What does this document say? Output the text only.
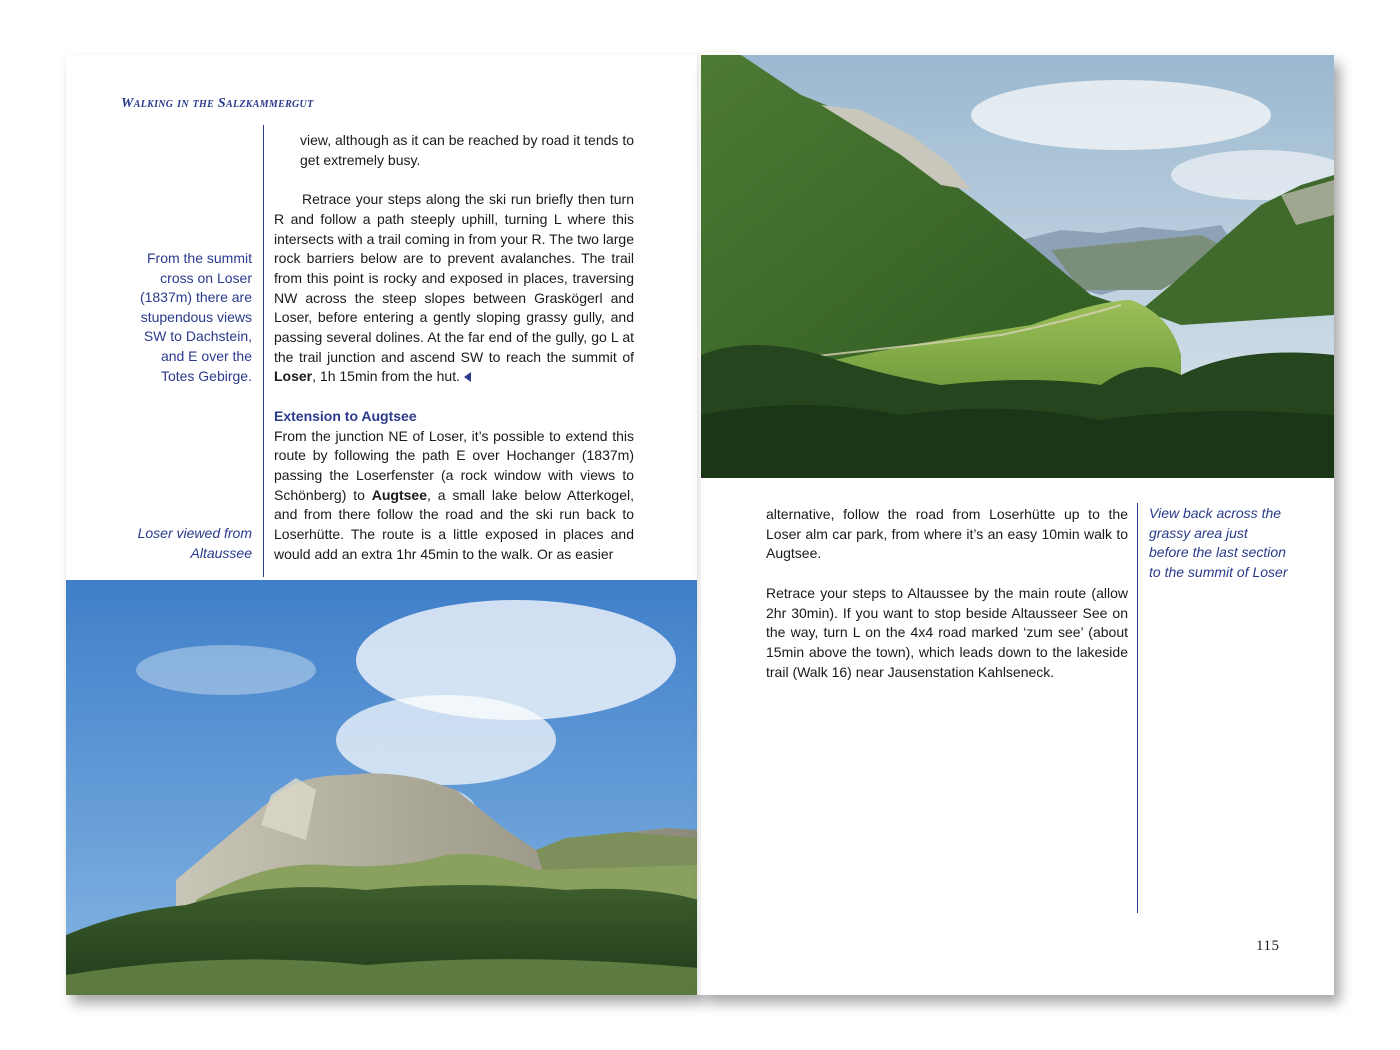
Walking in the Salzkammergut
From the summit cross on Loser (1837m) there are stupendous views SW to Dachstein, and E over the Totes Gebirge.
Loser viewed from Altaussee

view, although as it can be reached by road it tends to get extremely busy.

Retrace your steps along the ski run briefly then turn R and follow a path steeply uphill, turning L where this intersects with a trail coming in from your R. The two large rock barriers below are to prevent avalanches. The trail from this point is rocky and exposed in places, traversing NW across the steep slopes between Graskögerl and Loser, before entering a gently sloping grassy gully, and passing several dolines. At the far end of the gully, go L at the trail junction and ascend SW to reach the summit of Loser, 1h 15min from the hut.

Extension to Augtsee

From the junction NE of Loser, it’s possible to extend this route by following the path E over Hochanger (1837m) passing the Loserfenster (a rock window with views to Schönberg) to Augtsee, a small lake below Atterkogel, and from there follow the road and the ski run back to Loserhütte. The route is a little exposed in places and would add an extra 1hr 45min to the walk. Or as easier

alternative, follow the road from Loserhütte up to the Loser alm car park, from where it’s an easy 10min walk to Augtsee.

Retrace your steps to Altaussee by the main route (allow 2hr 30min). If you want to stop beside Altausseer See on the way, turn L on the 4x4 road marked ‘zum see’ (about 15min above the town), which leads down to the lakeside trail (Walk 16) near Jausenstation Kahlseneck.

View back across the grassy area just before the last section to the summit of Loser
115
